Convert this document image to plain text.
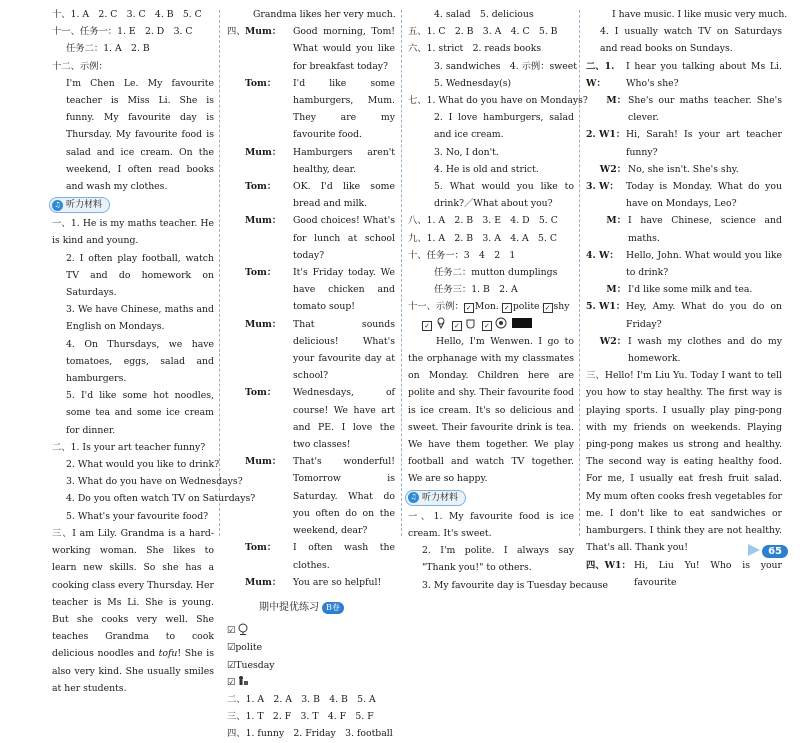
十、1. A　2. C　3. C　4. B　5. C
十一、任务一：1. E　2. D　3. C
任务二：1. A　2. B
十二、示例：
I'm Chen Le. My favourite teacher is Miss Li. She is funny. My favourite day is Thursday. My favourite food is salad and ice cream. On the weekend, I often read books and wash my clothes.
♫ 听力材料
一、1. He is my maths teacher. He is kind and young.
2. I often play football, watch TV and do homework on Saturdays.
3. We have Chinese, maths and English on Mondays.
4. On Thursdays, we have tomatoes, eggs, salad and hamburgers.
5. I'd like some hot noodles, some tea and some ice cream for dinner.
二、1. Is your art teacher funny?
2. What would you like to drink?
3. What do you have on Wednesdays?
4. Do you often watch TV on Saturdays?
5. What's your favourite food?
三、I am Lily. Grandma is a hard-working woman. She likes to learn new skills. So she has a cooking class every Thursday. Her teacher is Ms Li. She is young. But she cooks very well. She teaches Grandma to cook delicious noodles and tofu! She is also very kind. She usually smiles at her students.
Grandma likes her very much.
四、 Mum：	Good morning, Tom! What would you like for breakfast today?
Tom：	I'd like some hamburgers, Mum. They are my favourite food.
Mum：	Hamburgers aren't healthy, dear.
Tom：	OK. I'd like some bread and milk.
Mum：	Good choices! What's for lunch at school today?
Tom：	It's Friday today. We have chicken and tomato soup!
Mum：	That sounds delicious! What's your favourite day at school?
Tom：	Wednesdays, of course! We have art and PE. I love the two classes!
Mum：	That's wonderful! Tomorrow is Saturday. What do you often do on the weekend, dear?
Tom：	I often wash the clothes.
Mum：	You are so helpful!
期中提优练习 B卷
☑
☑polite
☑Tuesday
☑
二、1. A　2. A　3. B　4. B　5. A
三、1. T　2. F　3. T　4. F　5. F
四、1. funny　2. Friday　3. football
4. salad　5. delicious
五、1. C　2. B　3. A　4. C　5. B
六、1. strict　2. reads books
3. sandwiches　4. 示例：sweet
5. Wednesday(s)
七、1. What do you have on Mondays?
2. I love hamburgers, salad and ice cream.
3. No, I don't.
4. He is old and strict.
5. What would you like to drink?／What about you?
八、1. A　2. B　3. E　4. D　5. C
九、1. A　2. B　3. A　4. A　5. C
十、任务一：3　4　2　1
任务二：mutton dumplings
任务三：1. B　2. A
十一、示例： ✓ Mon. ✓ polite ✓ shy
✓	✓	✓
Hello, I'm Wenwen. I go to the orphanage with my classmates on Monday. Children here are polite and shy. Their favourite food is ice cream. It's so delicious and sweet. Their favourite drink is tea. We have them together. We play football and watch TV together. We are so happy.
♫ 听力材料
一、1. My favourite food is ice cream. It's sweet.
2. I'm polite. I always say "Thank you!" to others.
3. My favourite day is Tuesday because
I have music. I like music very much.
4. I usually watch TV on Saturdays and read books on Sundays.
二、1. W：
I hear you talking about Ms Li. Who's she?
M： She's our maths teacher. She's clever.
2. W1： Hi, Sarah! Is your art teacher funny?
W2： No, she isn't. She's shy.
3. W： Today is Monday. What do you have on Mondays, Leo?
M： I have Chinese, science and maths.
4. W： Hello, John. What would you like to drink?
M： I'd like some milk and tea.
5. W1： Hey, Amy. What do you do on Friday?
W2： I wash my clothes and do my homework.
三、Hello! I'm Liu Yu. Today I want to tell you how to stay healthy. The first way is playing sports. I usually play ping-pong with my friends on weekends. Playing ping-pong makes us strong and healthy. The second way is eating healthy food. For me, I usually eat fresh fruit salad. My mum often cooks fresh vegetables for me. I don't like to eat sandwiches or hamburgers. I think they are not healthy. That's all. Thank you!
四、W1： Hi, Liu Yu! Who is your favourite
65
